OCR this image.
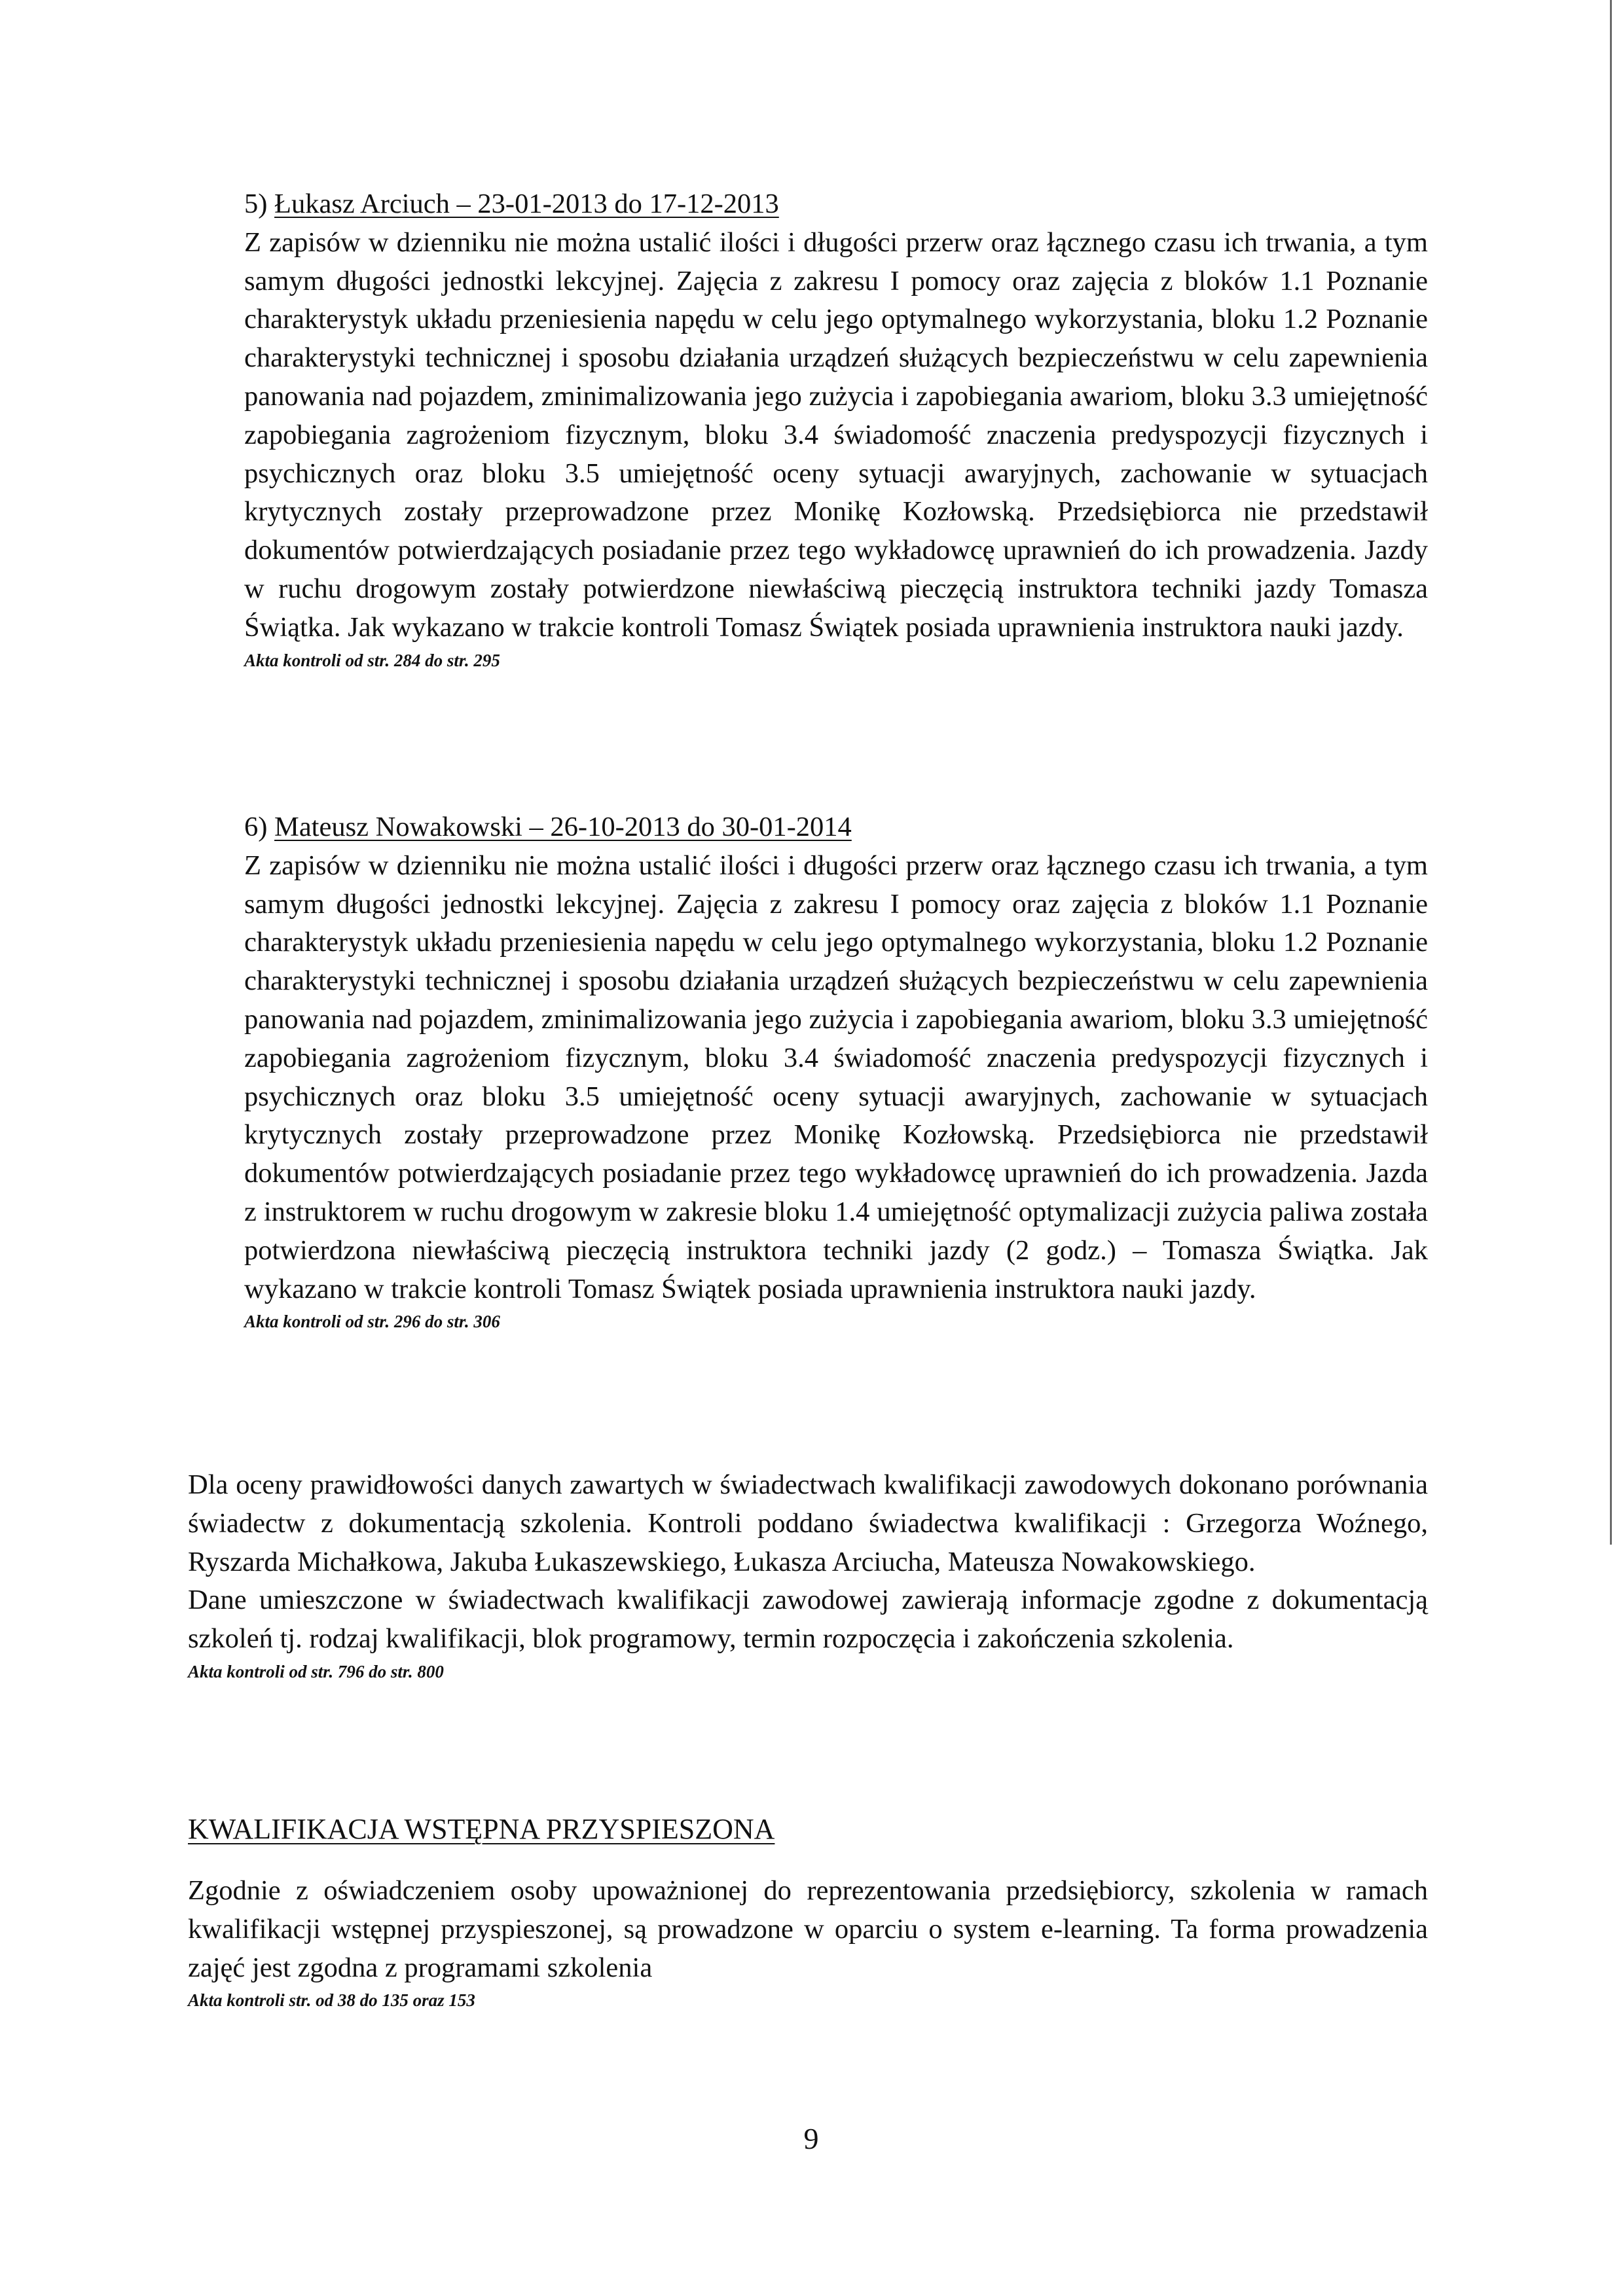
5) Łukasz Arciuch – 23-01-2013 do 17-12-2013

Z zapisów w dzienniku nie można ustalić ilości i długości przerw oraz łącznego czasu ich trwania, a tym samym długości jednostki lekcyjnej. Zajęcia z zakresu I pomocy oraz zajęcia z bloków 1.1 Poznanie charakterystyk układu przeniesienia napędu w celu jego optymalnego wykorzystania, bloku 1.2 Poznanie charakterystyki technicznej i sposobu działania urządzeń służących bezpieczeństwu w celu zapewnienia panowania nad pojazdem, zminimalizowania jego zużycia i zapobiegania awariom, bloku 3.3 umiejętność zapobiegania zagrożeniom fizycznym, bloku 3.4 świadomość znaczenia predyspozycji fizycznych i psychicznych oraz bloku 3.5 umiejętność oceny sytuacji awaryjnych, zachowanie w sytuacjach krytycznych zostały przeprowadzone przez Monikę Kozłowską. Przedsiębiorca nie przedstawił dokumentów potwierdzających posiadanie przez tego wykładowcę uprawnień do ich prowadzenia. Jazdy w ruchu drogowym zostały potwierdzone niewłaściwą pieczęcią instruktora techniki jazdy Tomasza Świątka. Jak wykazano w trakcie kontroli Tomasz Świątek posiada uprawnienia instruktora nauki jazdy.

Akta kontroli od str. 284 do str. 295
6) Mateusz Nowakowski – 26-10-2013 do 30-01-2014

Z zapisów w dzienniku nie można ustalić ilości i długości przerw oraz łącznego czasu ich trwania, a tym samym długości jednostki lekcyjnej. Zajęcia z zakresu I pomocy oraz zajęcia z bloków 1.1 Poznanie charakterystyk układu przeniesienia napędu w celu jego optymalnego wykorzystania, bloku 1.2 Poznanie charakterystyki technicznej i sposobu działania urządzeń służących bezpieczeństwu w celu zapewnienia panowania nad pojazdem, zminimalizowania jego zużycia i zapobiegania awariom, bloku 3.3 umiejętność zapobiegania zagrożeniom fizycznym, bloku 3.4 świadomość znaczenia predyspozycji fizycznych i psychicznych oraz bloku 3.5 umiejętność oceny sytuacji awaryjnych, zachowanie w sytuacjach krytycznych zostały przeprowadzone przez Monikę Kozłowską. Przedsiębiorca nie przedstawił dokumentów potwierdzających posiadanie przez tego wykładowcę uprawnień do ich prowadzenia. Jazda z instruktorem w ruchu drogowym w zakresie bloku 1.4 umiejętność optymalizacji zużycia paliwa została potwierdzona niewłaściwą pieczęcią instruktora techniki jazdy (2 godz.) – Tomasza Świątka. Jak wykazano w trakcie kontroli Tomasz Świątek posiada uprawnienia instruktora nauki jazdy.

Akta kontroli od str. 296 do str. 306

Dla oceny prawidłowości danych zawartych w świadectwach kwalifikacji zawodowych dokonano porównania świadectw z dokumentacją szkolenia. Kontroli poddano świadectwa kwalifikacji : Grzegorza Woźnego, Ryszarda Michałkowa, Jakuba Łukaszewskiego, Łukasza Arciucha, Mateusza Nowakowskiego.

Dane umieszczone w świadectwach kwalifikacji zawodowej zawierają informacje zgodne z dokumentacją szkoleń tj. rodzaj kwalifikacji, blok programowy, termin rozpoczęcia i zakończenia szkolenia.

Akta kontroli od str. 796 do str. 800
KWALIFIKACJA WSTĘPNA PRZYSPIESZONA

Zgodnie z oświadczeniem osoby upoważnionej do reprezentowania przedsiębiorcy, szkolenia w ramach kwalifikacji wstępnej przyspieszonej, są prowadzone w oparciu o system e-learning. Ta forma prowadzenia zajęć jest zgodna z programami szkolenia

Akta kontroli str. od 38 do 135 oraz 153
9
